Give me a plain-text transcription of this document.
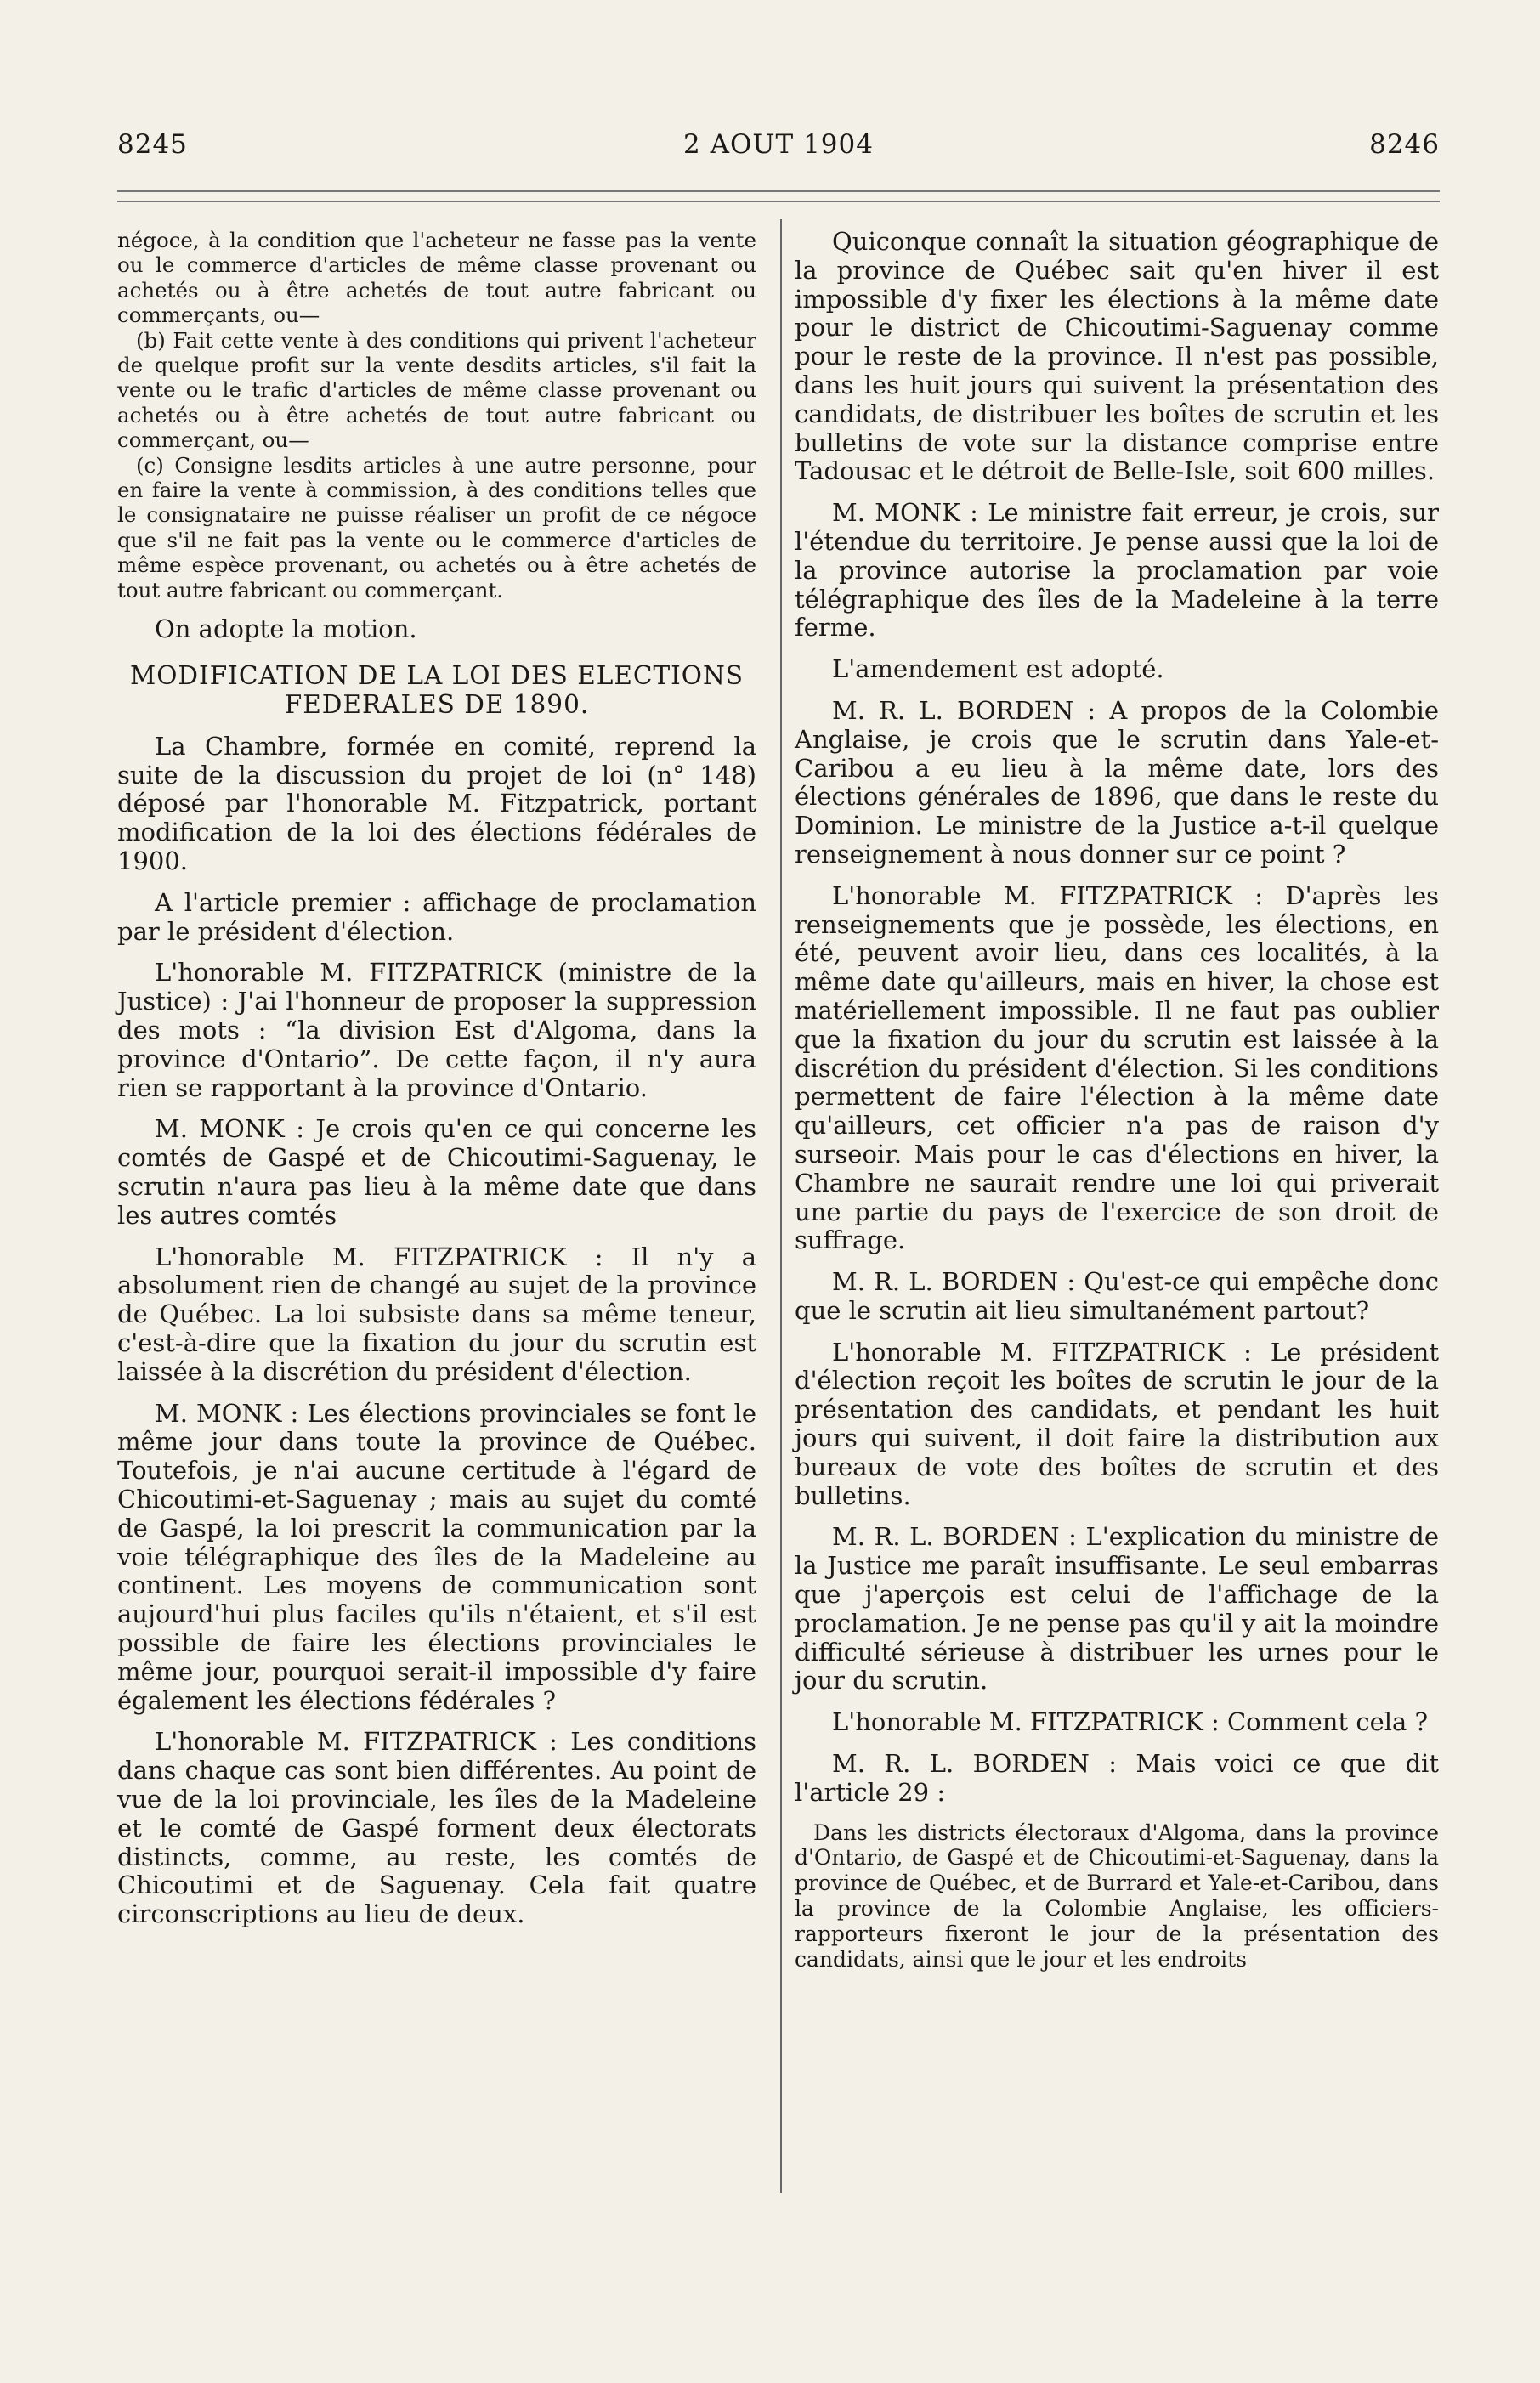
8245	2 AOUT 1904	8246

négoce, à la condition que l'acheteur ne fasse pas la vente ou le commerce d'articles de même classe provenant ou achetés ou à être achetés de tout autre fabricant ou commerçants, ou—

(b) Fait cette vente à des conditions qui privent l'acheteur de quelque profit sur la vente desdits articles, s'il fait la vente ou le trafic d'articles de même classe provenant ou achetés ou à être achetés de tout autre fabricant ou commerçant, ou—

(c) Consigne lesdits articles à une autre personne, pour en faire la vente à commission, à des conditions telles que le consignataire ne puisse réaliser un profit de ce négoce que s'il ne fait pas la vente ou le commerce d'articles de même espèce provenant, ou achetés ou à être achetés de tout autre fabricant ou commerçant.

On adopte la motion.

MODIFICATION DE LA LOI DES ELECTIONS FEDERALES DE 1890.

La Chambre, formée en comité, reprend la suite de la discussion du projet de loi (n° 148) déposé par l'honorable M. Fitzpatrick, portant modification de la loi des élections fédérales de 1900.

A l'article premier : affichage de proclamation par le président d'élection.

L'honorable M. FITZPATRICK (ministre de la Justice) : J'ai l'honneur de proposer la suppression des mots : “la division Est d'Algoma, dans la province d'Ontario”. De cette façon, il n'y aura rien se rapportant à la province d'Ontario.

M. MONK : Je crois qu'en ce qui concerne les comtés de Gaspé et de Chicoutimi-Saguenay, le scrutin n'aura pas lieu à la même date que dans les autres comtés

L'honorable M. FITZPATRICK : Il n'y a absolument rien de changé au sujet de la province de Québec. La loi subsiste dans sa même teneur, c'est-à-dire que la fixation du jour du scrutin est laissée à la discrétion du président d'élection.

M. MONK : Les élections provinciales se font le même jour dans toute la province de Québec. Toutefois, je n'ai aucune certitude à l'égard de Chicoutimi-et-Saguenay ; mais au sujet du comté de Gaspé, la loi prescrit la communication par la voie télégraphique des îles de la Madeleine au continent. Les moyens de communication sont aujourd'hui plus faciles qu'ils n'étaient, et s'il est possible de faire les élections provinciales le même jour, pourquoi serait-il impossible d'y faire également les élections fédérales ?

L'honorable M. FITZPATRICK : Les conditions dans chaque cas sont bien différentes. Au point de vue de la loi provinciale, les îles de la Madeleine et le comté de Gaspé forment deux électorats distincts, comme, au reste, les comtés de Chicoutimi et de Saguenay. Cela fait quatre circonscriptions au lieu de deux.

Quiconque connaît la situation géographique de la province de Québec sait qu'en hiver il est impossible d'y fixer les élections à la même date pour le district de Chicoutimi-Saguenay comme pour le reste de la province. Il n'est pas possible, dans les huit jours qui suivent la présentation des candidats, de distribuer les boîtes de scrutin et les bulletins de vote sur la distance comprise entre Tadousac et le détroit de Belle-Isle, soit 600 milles.

M. MONK : Le ministre fait erreur, je crois, sur l'étendue du territoire. Je pense aussi que la loi de la province autorise la proclamation par voie télégraphique des îles de la Madeleine à la terre ferme.

L'amendement est adopté.

M. R. L. BORDEN : A propos de la Colombie Anglaise, je crois que le scrutin dans Yale-et-Caribou a eu lieu à la même date, lors des élections générales de 1896, que dans le reste du Dominion. Le ministre de la Justice a-t-il quelque renseignement à nous donner sur ce point ?

L'honorable M. FITZPATRICK : D'après les renseignements que je possède, les élections, en été, peuvent avoir lieu, dans ces localités, à la même date qu'ailleurs, mais en hiver, la chose est matériellement impossible. Il ne faut pas oublier que la fixation du jour du scrutin est laissée à la discrétion du président d'élection. Si les conditions permettent de faire l'élection à la même date qu'ailleurs, cet officier n'a pas de raison d'y surseoir. Mais pour le cas d'élections en hiver, la Chambre ne saurait rendre une loi qui priverait une partie du pays de l'exercice de son droit de suffrage.

M. R. L. BORDEN : Qu'est-ce qui empêche donc que le scrutin ait lieu simultanément partout?

L'honorable M. FITZPATRICK : Le président d'élection reçoit les boîtes de scrutin le jour de la présentation des candidats, et pendant les huit jours qui suivent, il doit faire la distribution aux bureaux de vote des boîtes de scrutin et des bulletins.

M. R. L. BORDEN : L'explication du ministre de la Justice me paraît insuffisante. Le seul embarras que j'aperçois est celui de l'affichage de la proclamation. Je ne pense pas qu'il y ait la moindre difficulté sérieuse à distribuer les urnes pour le jour du scrutin.

L'honorable M. FITZPATRICK : Comment cela ?

M. R. L. BORDEN : Mais voici ce que dit l'article 29 :

Dans les districts électoraux d'Algoma, dans la province d'Ontario, de Gaspé et de Chicoutimi-et-Saguenay, dans la province de Québec, et de Burrard et Yale-et-Caribou, dans la province de la Colombie Anglaise, les officiers-rapporteurs fixeront le jour de la présentation des candidats, ainsi que le jour et les endroits
